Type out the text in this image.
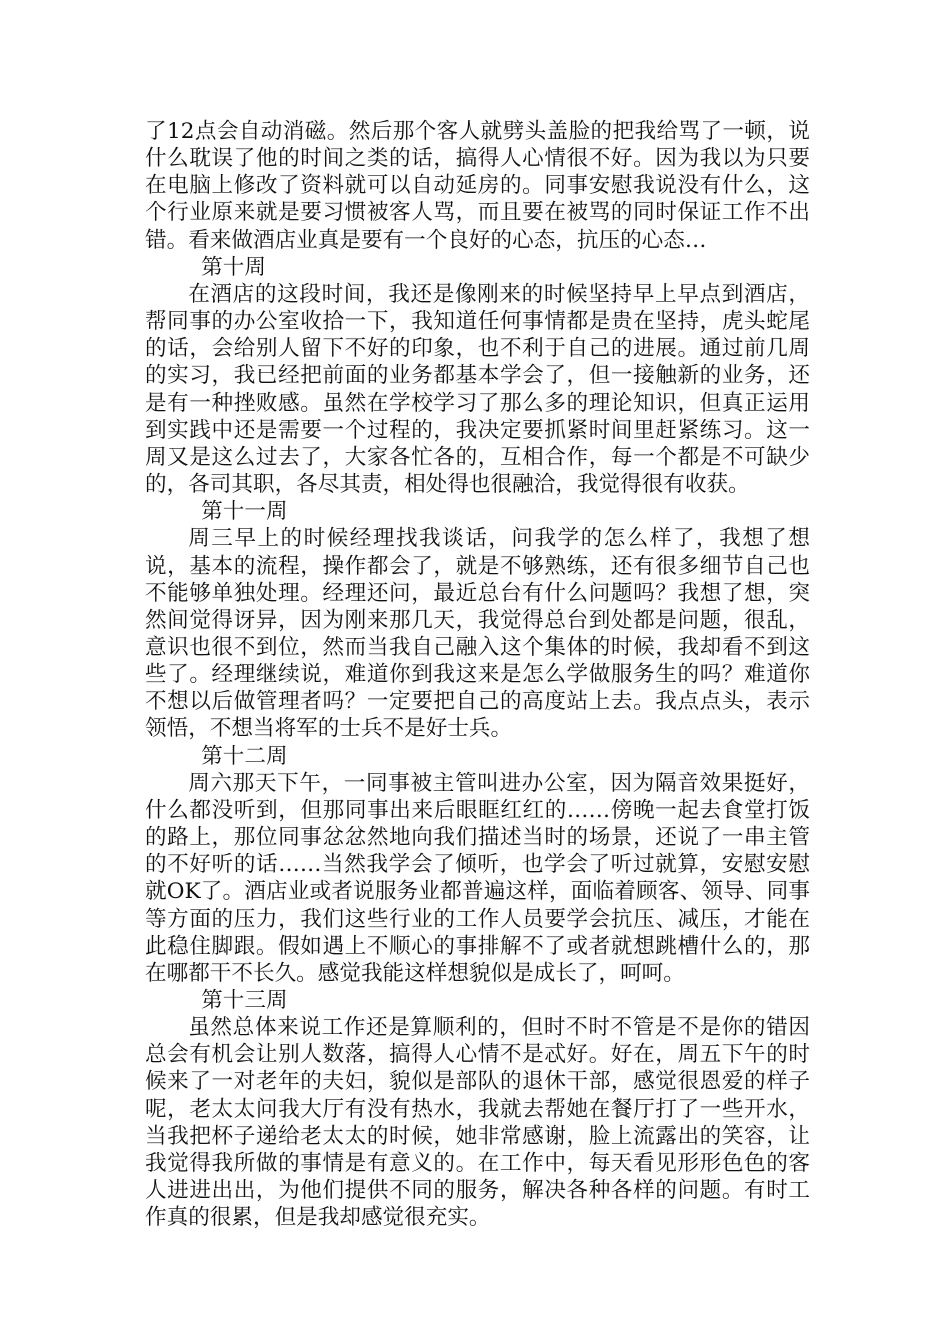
了12点会自动消磁。然后那个客人就劈头盖脸的把我给骂了一顿，说什么耽误了他的时间之类的话，搞得人心情很不好。因为我以为只要在电脑上修改了资料就可以自动延房的。同事安慰我说没有什么，这个行业原来就是要习惯被客人骂，而且要在被骂的同时保证工作不出错。看来做酒店业真是要有一个良好的心态，抗压的心态…

第十周

在酒店的这段时间，我还是像刚来的时候坚持早上早点到酒店，帮同事的办公室收拾一下，我知道任何事情都是贵在坚持，虎头蛇尾的话，会给别人留下不好的印象，也不利于自己的进展。通过前几周的实习，我已经把前面的业务都基本学会了，但一接触新的业务，还是有一种挫败感。虽然在学校学习了那么多的理论知识，但真正运用到实践中还是需要一个过程的，我决定要抓紧时间里赶紧练习。这一周又是这么过去了，大家各忙各的，互相合作，每一个都是不可缺少的，各司其职，各尽其责，相处得也很融洽，我觉得很有收获。

第十一周

周三早上的时候经理找我谈话，问我学的怎么样了，我想了想说，基本的流程，操作都会了，就是不够熟练，还有很多细节自己也不能够单独处理。经理还问，最近总台有什么问题吗？我想了想，突然间觉得讶异，因为刚来那几天，我觉得总台到处都是问题，很乱，意识也很不到位，然而当我自己融入这个集体的时候，我却看不到这些了。经理继续说，难道你到我这来是怎么学做服务生的吗？难道你不想以后做管理者吗？一定要把自己的高度站上去。我点点头，表示领悟，不想当将军的士兵不是好士兵。

第十二周

周六那天下午，一同事被主管叫进办公室，因为隔音效果挺好，什么都没听到，但那同事出来后眼眶红红的……傍晚一起去食堂打饭的路上，那位同事忿忿然地向我们描述当时的场景，还说了一串主管的不好听的话……当然我学会了倾听，也学会了听过就算，安慰安慰就OK了。酒店业或者说服务业都普遍这样，面临着顾客、领导、同事等方面的压力，我们这些行业的工作人员要学会抗压、减压，才能在此稳住脚跟。假如遇上不顺心的事排解不了或者就想跳槽什么的，那在哪都干不长久。感觉我能这样想貌似是成长了，呵呵。

第十三周

虽然总体来说工作还是算顺利的，但时不时不管是不是你的错因总会有机会让别人数落，搞得人心情不是忒好。好在，周五下午的时候来了一对老年的夫妇，貌似是部队的退休干部，感觉很恩爱的样子呢，老太太问我大厅有没有热水，我就去帮她在餐厅打了一些开水，当我把杯子递给老太太的时候，她非常感谢，脸上流露出的笑容，让我觉得我所做的事情是有意义的。在工作中，每天看见形形色色的客人进进出出，为他们提供不同的服务，解决各种各样的问题。有时工作真的很累，但是我却感觉很充实。
